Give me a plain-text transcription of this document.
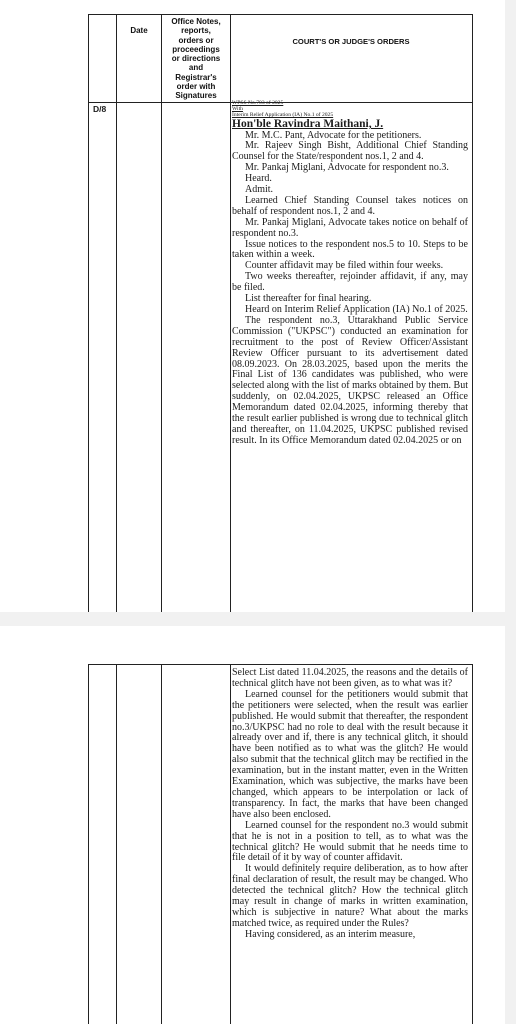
Date
Office Notes,
reports,
orders or
proceedings
or directions
and
Registrar's
order with
Signatures
COURT'S OR JUDGE'S ORDERS
D/8

WPSS No.703 of 2025

With

Interim Relief Application (IA) No.1 of 2025

Hon'ble Ravindra Maithani, J.

Mr. M.C. Pant, Advocate for the petitioners.

Mr. Rajeev Singh Bisht, Additional Chief Standing Counsel for the State/respondent nos.1, 2 and 4.

Mr. Pankaj Miglani, Advocate for respondent no.3.

Heard.

Admit.

Learned Chief Standing Counsel takes notices on behalf of respondent nos.1, 2 and 4.

Mr. Pankaj Miglani, Advocate takes notice on behalf of respondent no.3.

Issue notices to the respondent nos.5 to 10. Steps to be taken within a week.

Counter affidavit may be filed within four weeks.

Two weeks thereafter, rejoinder affidavit, if any, may be filed.

List thereafter for final hearing.

Heard on Interim Relief Application (IA) No.1 of 2025.

The respondent no.3, Uttarakhand Public Service Commission ("UKPSC") conducted an examination for recruitment to the post of Review Officer/Assistant Review Officer pursuant to its advertisement dated 08.09.2023. On 28.03.2025, based upon the merits the Final List of 136 candidates was published, who were selected along with the list of marks obtained by them. But suddenly, on 02.04.2025, UKPSC released an Office Memorandum dated 02.04.2025, informing thereby that the result earlier published is wrong due to technical glitch and thereafter, on 11.04.2025, UKPSC published revised result. In its Office Memorandum dated 02.04.2025 or on

Select List dated 11.04.2025, the reasons and the details of technical glitch have not been given, as to what was it?

Learned counsel for the petitioners would submit that the petitioners were selected, when the result was earlier published. He would submit that thereafter, the respondent no.3/UKPSC had no role to deal with the result because it already over and if, there is any technical glitch, it should have been notified as to what was the glitch? He would also submit that the technical glitch may be rectified in the examination, but in the instant matter, even in the Written Examination, which was subjective, the marks have been changed, which appears to be interpolation or lack of transparency. In fact, the marks that have been changed have also been enclosed.

Learned counsel for the respondent no.3 would submit that he is not in a position to tell, as to what was the technical glitch? He would submit that he needs time to file detail of it by way of counter affidavit.

It would definitely require deliberation, as to how after final declaration of result, the result may be changed. Who detected the technical glitch? How the technical glitch may result in change of marks in written examination, which is subjective in nature? What about the marks matched twice, as required under the Rules?

Having considered, as an interim measure,
